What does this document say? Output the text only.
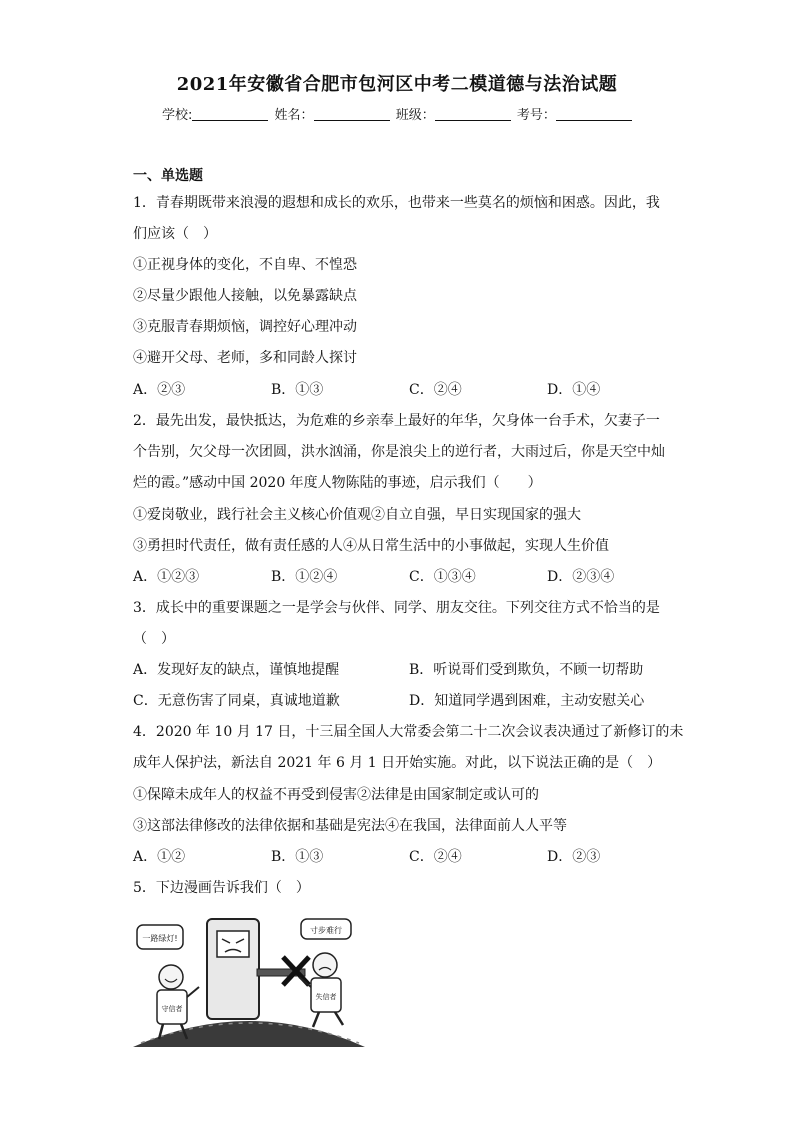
2021年安徽省合肥市包河区中考二模道德与法治试题
学校:	姓名：	班级：	考号：
一、单选题
1．青春期既带来浪漫的遐想和成长的欢乐，也带来一些莫名的烦恼和困惑。因此，我
们应该（　）
①正视身体的变化，不自卑、不惶恐
②尽量少跟他人接触，以免暴露缺点
③克服青春期烦恼，调控好心理冲动
④避开父母、老师，多和同龄人探讨
A．②③	B．①③	C．②④	D．①④
2．最先出发，最快抵达，为危难的乡亲奉上最好的年华，欠身体一台手术，欠妻子一
个告别，欠父母一次团圆，洪水汹涌，你是浪尖上的逆行者，大雨过后，你是天空中灿
烂的霞。”感动中国 2020 年度人物陈陆的事迹，启示我们（　　）
①爱岗敬业，践行社会主义核心价值观②自立自强，早日实现国家的强大
③勇担时代责任，做有责任感的人④从日常生活中的小事做起，实现人生价值
A．①②③	B．①②④	C．①③④	D．②③④
3．成长中的重要课题之一是学会与伙伴、同学、朋友交往。下列交往方式不恰当的是
（　）
A．发现好友的缺点，谨慎地提醒	B．听说哥们受到欺负，不顾一切帮助
C．无意伤害了同桌，真诚地道歉	D．知道同学遇到困难，主动安慰关心
4．2020 年 10 月 17 日，十三届全国人大常委会第二十二次会议表决通过了新修订的未
成年人保护法，新法自 2021 年 6 月 1 日开始实施。对此，以下说法正确的是（　）
①保障未成年人的权益不再受到侵害②法律是由国家制定或认可的
③这部法律修改的法律依据和基础是宪法④在我国，法律面前人人平等
A．①②	B．①③	C．②④	D．②③
5．下边漫画告诉我们（　）
一路绿灯!
守信者
寸步难行
失信者
